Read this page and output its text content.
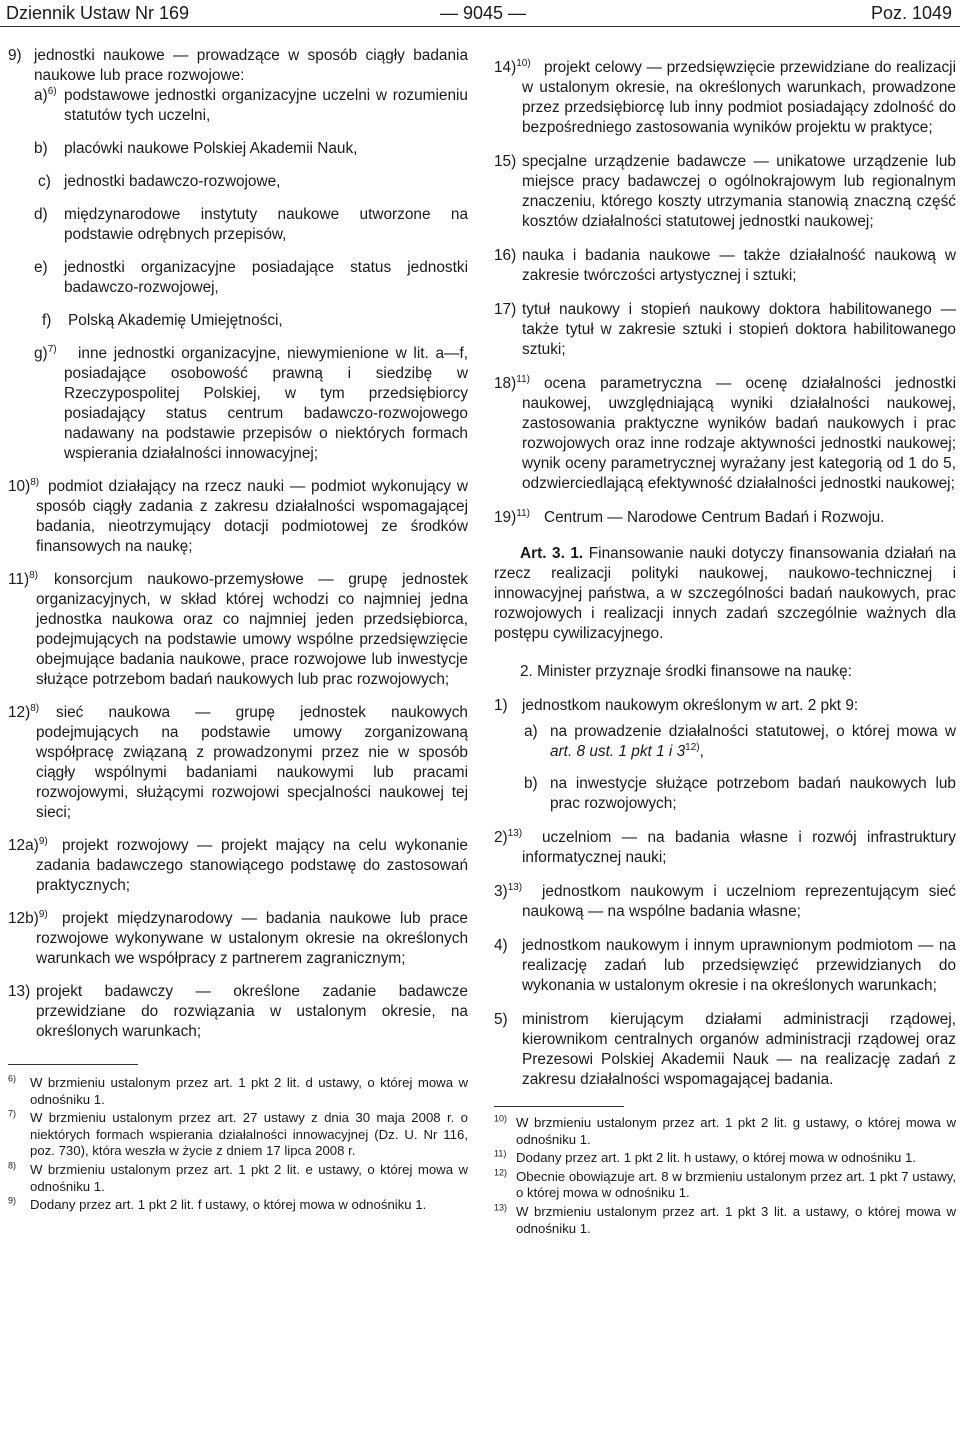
Dziennik Ustaw Nr 169	— 9045 —	Poz. 1049
9) jednostki naukowe — prowadzące w sposób ciągły badania naukowe lub prace rozwojowe:
a)$^{6)}$ podstawowe jednostki organizacyjne uczelni w rozumieniu statutów tych uczelni,
b) placówki naukowe Polskiej Akademii Nauk,
c) jednostki badawczo-rozwojowe,
d) międzynarodowe instytuty naukowe utworzone na podstawie odrębnych przepisów,
e) jednostki organizacyjne posiadające status jednostki badawczo-rozwojowej,
f) Polską Akademię Umiejętności,
g)$^{7)}$	inne jednostki organizacyjne, niewymienione w lit. a—f, posiadające osobowość prawną i siedzibę w Rzeczypospolitej Polskiej, w tym przedsiębiorcy posiadający status centrum badawczo-rozwojowego nadawany na podstawie przepisów o niektórych formach wspierania działalności innowacyjnej;
10)$^{8)}$ podmiot działający na rzecz nauki — podmiot wykonujący w sposób ciągły zadania z zakresu działalności wspomagającej badania, nieotrzymujący dotacji podmiotowej ze środków finansowych na naukę;
11)$^{8)}$	konsorcjum naukowo-przemysłowe — grupę jednostek organizacyjnych, w skład której wchodzi co najmniej jedna jednostka naukowa oraz co najmniej jeden przedsiębiorca, podejmujących na podstawie umowy wspólne przedsięwzięcie obejmujące badania naukowe, prace rozwojowe lub inwestycje służące potrzebom badań naukowych lub prac rozwojowych;
12)$^{8)}$	sieć naukowa — grupę jednostek naukowych podejmujących na podstawie umowy zorganizowaną współpracę związaną z prowadzonymi przez nie w sposób ciągły wspólnymi badaniami naukowymi lub pracami rozwojowymi, służącymi rozwojowi specjalności naukowej tej sieci;
12a)$^{9)}$ projekt rozwojowy — projekt mający na celu wykonanie zadania badawczego stanowiącego podstawę do zastosowań praktycznych;
12b)$^{9)}$ projekt międzynarodowy — badania naukowe lub prace rozwojowe wykonywane w ustalonym okresie na określonych warunkach we współpracy z partnerem zagranicznym;
13) projekt badawczy — określone zadanie badawcze przewidziane do rozwiązania w ustalonym okresie, na określonych warunkach;
$^{6)}$ W brzmieniu ustalonym przez art. 1 pkt 2 lit. d ustawy, o której mowa w odnośniku 1.
$^{7)}$ W brzmieniu ustalonym przez art. 27 ustawy z dnia 30 maja 2008 r. o niektórych formach wspierania działalności innowacyjnej (Dz. U. Nr 116, poz. 730), która weszła w życie z dniem 17 lipca 2008 r.
$^{8)}$ W brzmieniu ustalonym przez art. 1 pkt 2 lit. e ustawy, o której mowa w odnośniku 1.
$^{9)}$ Dodany przez art. 1 pkt 2 lit. f ustawy, o której mowa w odnośniku 1.
14)$^{10)}$ projekt celowy — przedsięwzięcie przewidziane do realizacji w ustalonym okresie, na określonych warunkach, prowadzone przez przedsiębiorcę lub inny podmiot posiadający zdolność do bezpośredniego zastosowania wyników projektu w praktyce;
15) specjalne urządzenie badawcze — unikatowe urządzenie lub miejsce pracy badawczej o ogólnokrajowym lub regionalnym znaczeniu, którego koszty utrzymania stanowią znaczną część kosztów działalności statutowej jednostki naukowej;
16) nauka i badania naukowe — także działalność naukową w zakresie twórczości artystycznej i sztuki;
17) tytuł naukowy i stopień naukowy doktora habilitowanego — także tytuł w zakresie sztuki i stopień doktora habilitowanego sztuki;
18)$^{11)}$ ocena parametryczna — ocenę działalności jednostki naukowej, uwzględniającą wyniki działalności naukowej, zastosowania praktyczne wyników badań naukowych i prac rozwojowych oraz inne rodzaje aktywności jednostki naukowej; wynik oceny parametrycznej wyrażany jest kategorią od 1 do 5, odzwierciedlającą efektywność działalności jednostki naukowej;
19)$^{11)}$ Centrum — Narodowe Centrum Badań i Rozwoju.
Art. 3. 1. Finansowanie nauki dotyczy finansowania działań na rzecz realizacji polityki naukowej, naukowo-technicznej i innowacyjnej państwa, a w szczególności badań naukowych, prac rozwojowych i realizacji innych zadań szczególnie ważnych dla postępu cywilizacyjnego.
2. Minister przyznaje środki finansowe na naukę:
1) jednostkom naukowym określonym w art. 2 pkt 9:
a) na prowadzenie działalności statutowej, o której mowa w art. 8 ust. 1 pkt 1 i 3$^{12)}$,
b) na inwestycje służące potrzebom badań naukowych lub prac rozwojowych;
2)$^{13)}$	uczelniom — na badania własne i rozwój infrastruktury informatycznej nauki;
3)$^{13)}$	jednostkom naukowym i uczelniom reprezentującym sieć naukową — na wspólne badania własne;
4) jednostkom naukowym i innym uprawnionym podmiotom — na realizację zadań lub przedsięwzięć przewidzianych do wykonania w ustalonym okresie i na określonych warunkach;
5) ministrom kierującym działami administracji rządowej, kierownikom centralnych organów administracji rządowej oraz Prezesowi Polskiej Akademii Nauk — na realizację zadań z zakresu działalności wspomagającej badania.
$^{10)}$ W brzmieniu ustalonym przez art. 1 pkt 2 lit. g ustawy, o której mowa w odnośniku 1.
$^{11)}$ Dodany przez art. 1 pkt 2 lit. h ustawy, o której mowa w odnośniku 1.
$^{12)}$ Obecnie obowiązuje art. 8 w brzmieniu ustalonym przez art. 1 pkt 7 ustawy, o której mowa w odnośniku 1.
$^{13)}$ W brzmieniu ustalonym przez art. 1 pkt 3 lit. a ustawy, o której mowa w odnośniku 1.
